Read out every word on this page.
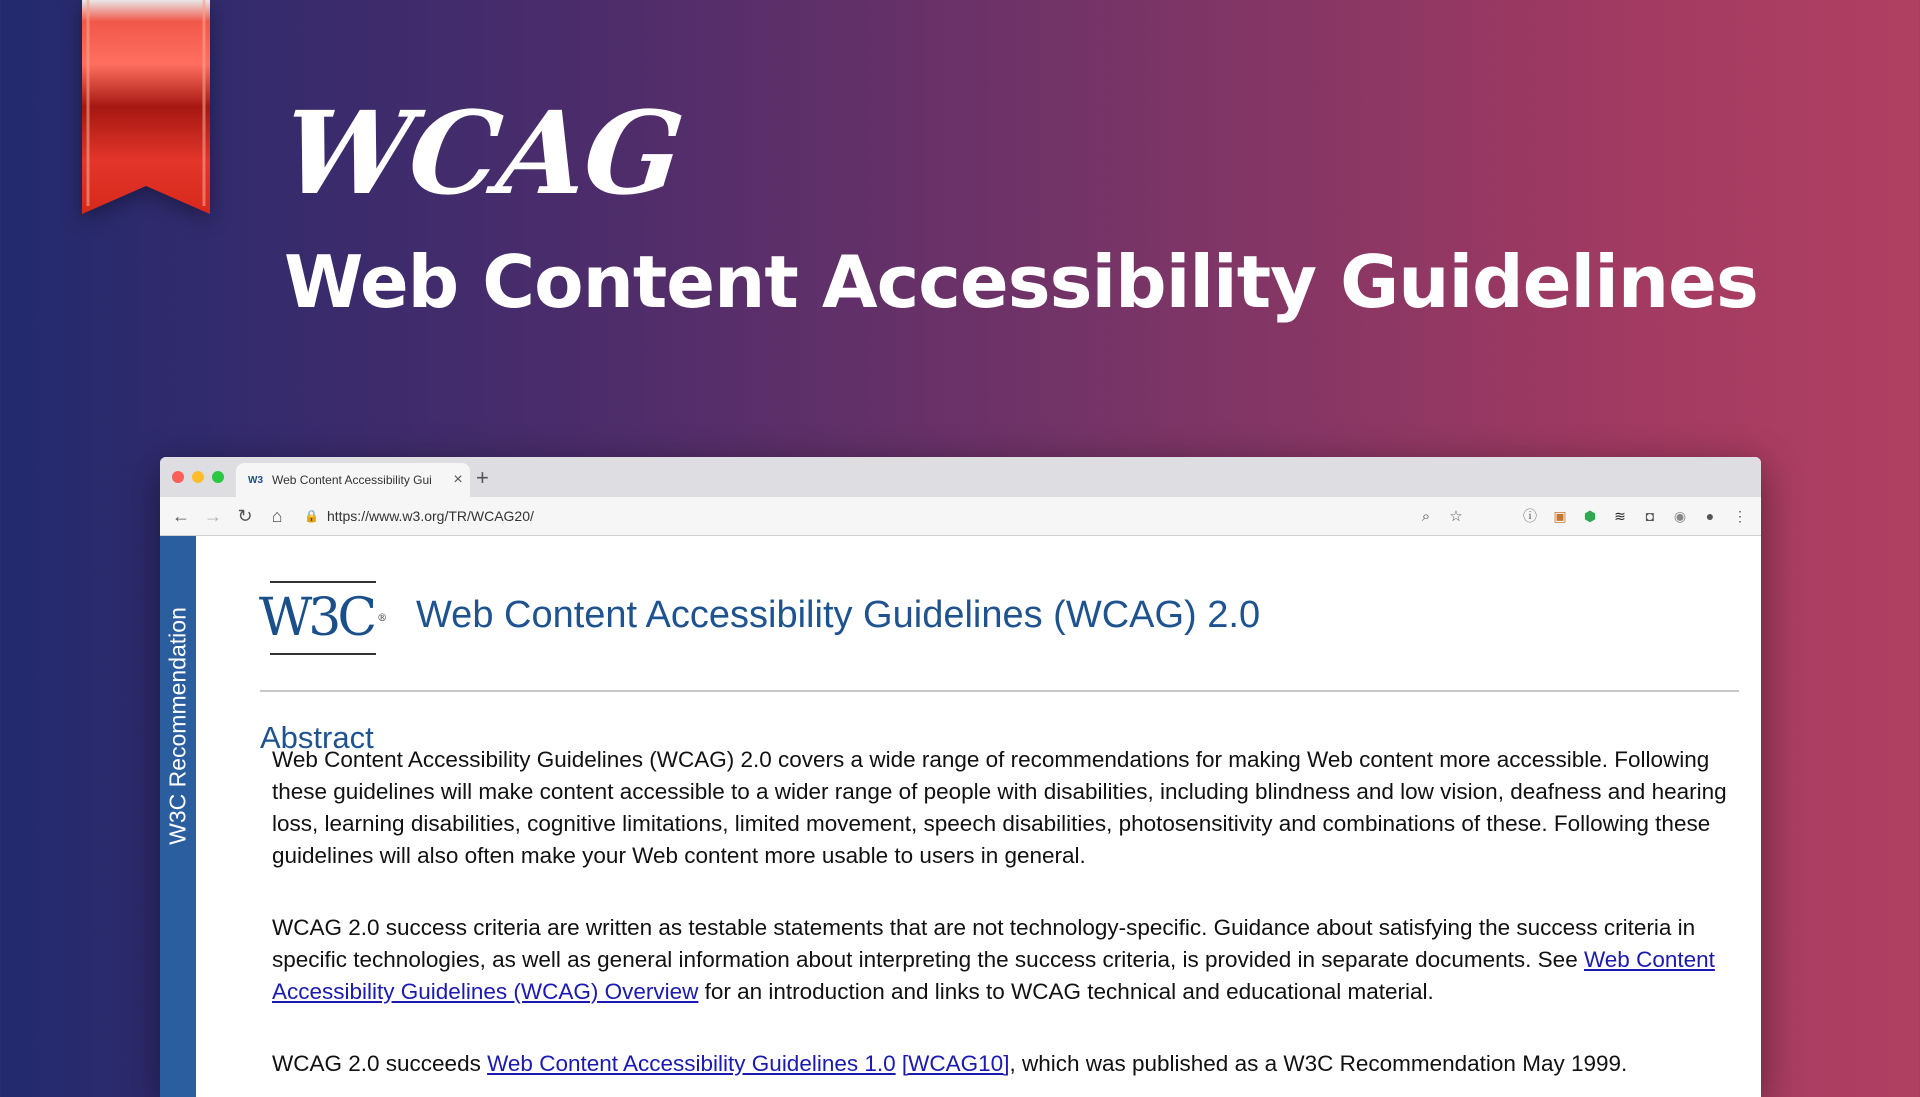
WCAG
Web Content Accessibility Guidelines
W3 Web Content Accessibility Gui	× +
← → ↻	⌂	🔒 https://www.w3.org/TR/WCAG20/	⌕	☆	ⓘ	▣	⬢	≋	◘	◉	●	⋮
W3C Recommendation W3C ® Web Content Accessibility Guidelines (WCAG) 2.0
Abstract

Web Content Accessibility Guidelines (WCAG) 2.0 covers a wide range of recommendations for making Web content more accessible. Following these guidelines will make content accessible to a wider range of people with disabilities, including blindness and low vision, deafness and hearing loss, learning disabilities, cognitive limitations, limited movement, speech disabilities, photosensitivity and combinations of these. Following these guidelines will also often make your Web content more usable to users in general.

WCAG 2.0 success criteria are written as testable statements that are not technology-specific. Guidance about satisfying the success criteria in specific technologies, as well as general information about interpreting the success criteria, is provided in separate documents. See Web Content Accessibility Guidelines (WCAG) Overview for an introduction and links to WCAG technical and educational material.

WCAG 2.0 succeeds Web Content Accessibility Guidelines 1.0 [WCAG10], which was published as a W3C Recommendation May 1999.
